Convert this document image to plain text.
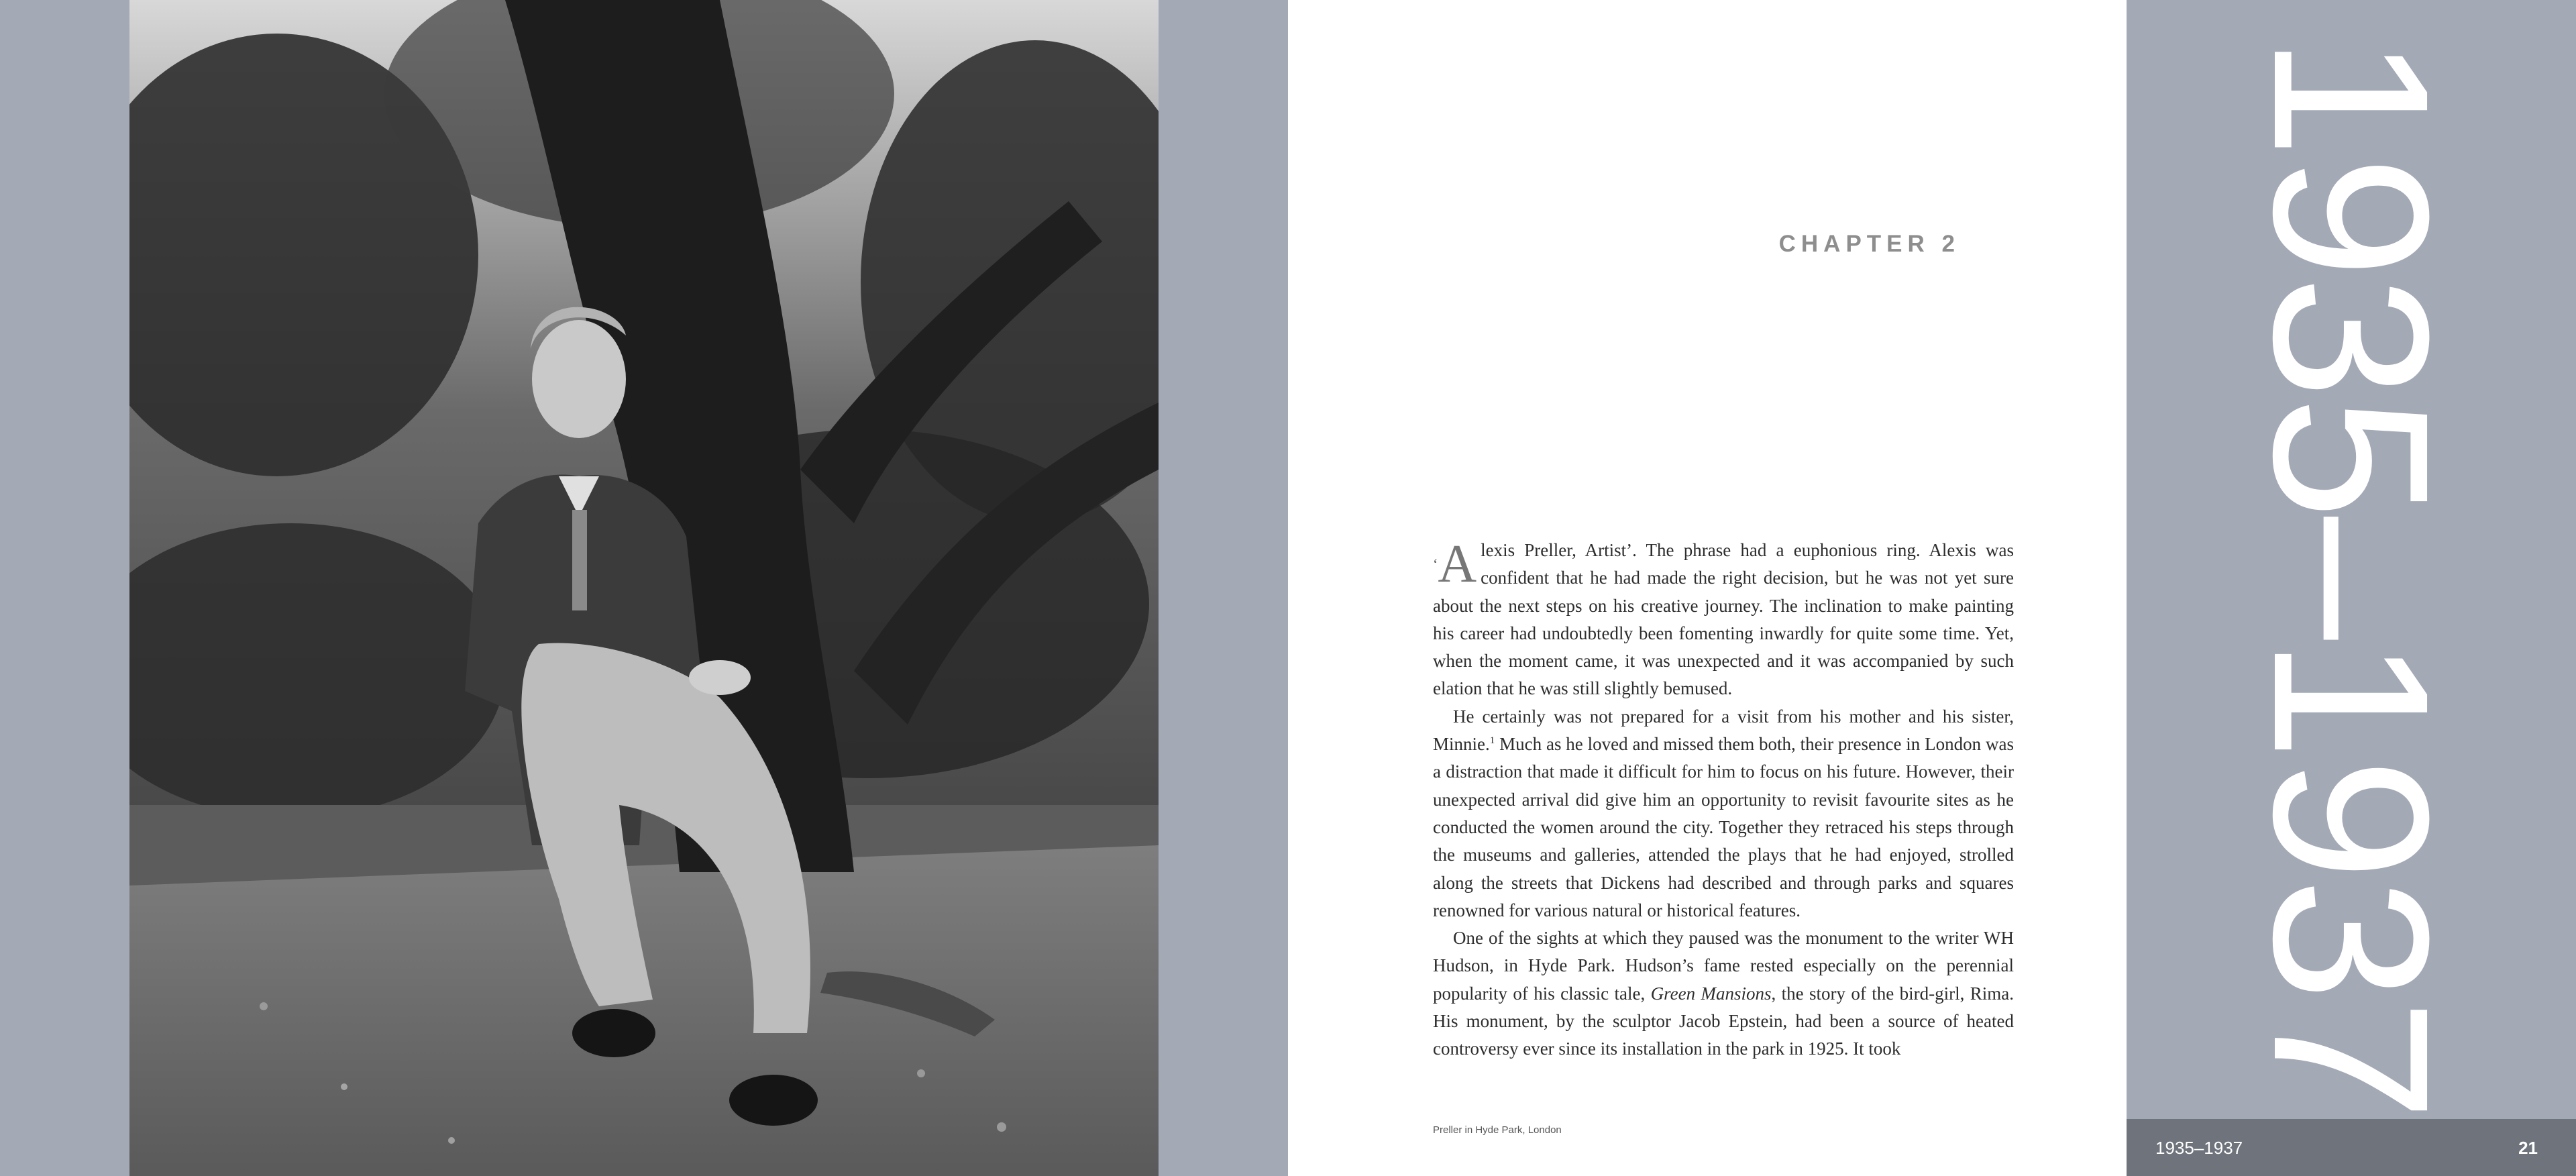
CHAPTER 2

‘A lexis Preller, Artist’. The phrase had a euphonious ring. Alexis was confident that he had made the right decision, but he was not yet sure about the next steps on his creative journey. The inclination to make painting his career had undoubtedly been fomenting inwardly for quite some time. Yet, when the moment came, it was unexpected and it was accompanied by such elation that he was still slightly bemused.

He certainly was not prepared for a visit from his mother and his sister, Minnie.$^1$ Much as he loved and missed them both, their presence in London was a distraction that made it difficult for him to focus on his future. However, their unexpected arrival did give him an opportunity to revisit favourite sites as he conducted the women around the city. Together they retraced his steps through the museums and galleries, attended the plays that he had enjoyed, strolled along the streets that Dickens had described and through parks and squares renowned for various natural or historical features.

One of the sights at which they paused was the monument to the writer WH Hudson, in Hyde Park. Hudson’s fame rested especially on the perennial popularity of his classic tale, Green Mansions, the story of the bird-girl, Rima. His monument, by the sculptor Jacob Epstein, had been a source of heated controversy ever since its installation in the park in 1925. It took

Preller in Hyde Park, London
1935–1937
1935–1937	21
